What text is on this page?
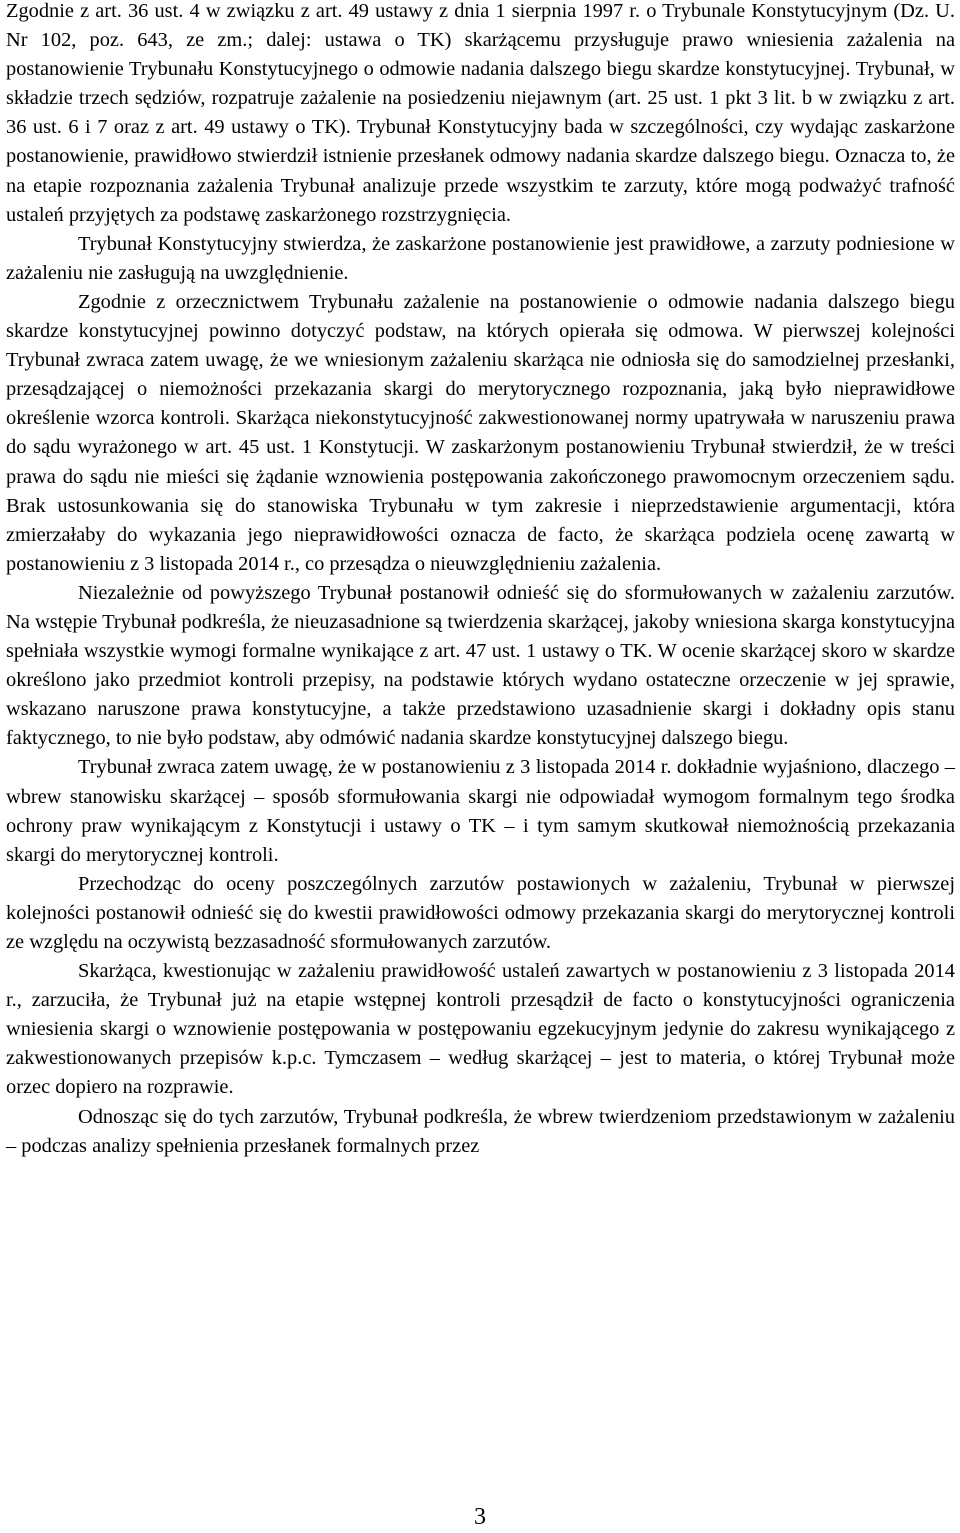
Zgodnie z art. 36 ust. 4 w związku z art. 49 ustawy z dnia 1 sierpnia 1997 r. o Trybunale Konstytucyjnym (Dz. U. Nr 102, poz. 643, ze zm.; dalej: ustawa o TK) skarżącemu przysługuje prawo wniesienia zażalenia na postanowienie Trybunału Konstytucyjnego o odmowie nadania dalszego biegu skardze konstytucyjnej. Trybunał, w składzie trzech sędziów, rozpatruje zażalenie na posiedzeniu niejawnym (art. 25 ust. 1 pkt 3 lit. b w związku z art. 36 ust. 6 i 7 oraz z art. 49 ustawy o TK). Trybunał Konstytucyjny bada w szczególności, czy wydając zaskarżone postanowienie, prawidłowo stwierdził istnienie przesłanek odmowy nadania skardze dalszego biegu. Oznacza to, że na etapie rozpoznania zażalenia Trybunał analizuje przede wszystkim te zarzuty, które mogą podważyć trafność ustaleń przyjętych za podstawę zaskarżonego rozstrzygnięcia.

Trybunał Konstytucyjny stwierdza, że zaskarżone postanowienie jest prawidłowe, a zarzuty podniesione w zażaleniu nie zasługują na uwzględnienie.

Zgodnie z orzecznictwem Trybunału zażalenie na postanowienie o odmowie nadania dalszego biegu skardze konstytucyjnej powinno dotyczyć podstaw, na których opierała się odmowa. W pierwszej kolejności Trybunał zwraca zatem uwagę, że we wniesionym zażaleniu skarżąca nie odniosła się do samodzielnej przesłanki, przesądzającej o niemożności przekazania skargi do merytorycznego rozpoznania, jaką było nieprawidłowe określenie wzorca kontroli. Skarżąca niekonstytucyjność zakwestionowanej normy upatrywała w naruszeniu prawa do sądu wyrażonego w art. 45 ust. 1 Konstytucji. W zaskarżonym postanowieniu Trybunał stwierdził, że w treści prawa do sądu nie mieści się żądanie wznowienia postępowania zakończonego prawomocnym orzeczeniem sądu. Brak ustosunkowania się do stanowiska Trybunału w tym zakresie i nieprzedstawienie argumentacji, która zmierzałaby do wykazania jego nieprawidłowości oznacza de facto, że skarżąca podziela ocenę zawartą w postanowieniu z 3 listopada 2014 r., co przesądza o nieuwzględnieniu zażalenia.

Niezależnie od powyższego Trybunał postanowił odnieść się do sformułowanych w zażaleniu zarzutów. Na wstępie Trybunał podkreśla, że nieuzasadnione są twierdzenia skarżącej, jakoby wniesiona skarga konstytucyjna spełniała wszystkie wymogi formalne wynikające z art. 47 ust. 1 ustawy o TK. W ocenie skarżącej skoro w skardze określono jako przedmiot kontroli przepisy, na podstawie których wydano ostateczne orzeczenie w jej sprawie, wskazano naruszone prawa konstytucyjne, a także przedstawiono uzasadnienie skargi i dokładny opis stanu faktycznego, to nie było podstaw, aby odmówić nadania skardze konstytucyjnej dalszego biegu.

Trybunał zwraca zatem uwagę, że w postanowieniu z 3 listopada 2014 r. dokładnie wyjaśniono, dlaczego – wbrew stanowisku skarżącej – sposób sformułowania skargi nie odpowiadał wymogom formalnym tego środka ochrony praw wynikającym z Konstytucji i ustawy o TK – i tym samym skutkował niemożnością przekazania skargi do merytorycznej kontroli.

Przechodząc do oceny poszczególnych zarzutów postawionych w zażaleniu, Trybunał w pierwszej kolejności postanowił odnieść się do kwestii prawidłowości odmowy przekazania skargi do merytorycznej kontroli ze względu na oczywistą bezzasadność sformułowanych zarzutów.

Skarżąca, kwestionując w zażaleniu prawidłowość ustaleń zawartych w postanowieniu z 3 listopada 2014 r., zarzuciła, że Trybunał już na etapie wstępnej kontroli przesądził de facto o konstytucyjności ograniczenia wniesienia skargi o wznowienie postępowania w postępowaniu egzekucyjnym jedynie do zakresu wynikającego z zakwestionowanych przepisów k.p.c. Tymczasem – według skarżącej – jest to materia, o której Trybunał może orzec dopiero na rozprawie.

Odnosząc się do tych zarzutów, Trybunał podkreśla, że wbrew twierdzeniom przedstawionym w zażaleniu – podczas analizy spełnienia przesłanek formalnych przez

3
